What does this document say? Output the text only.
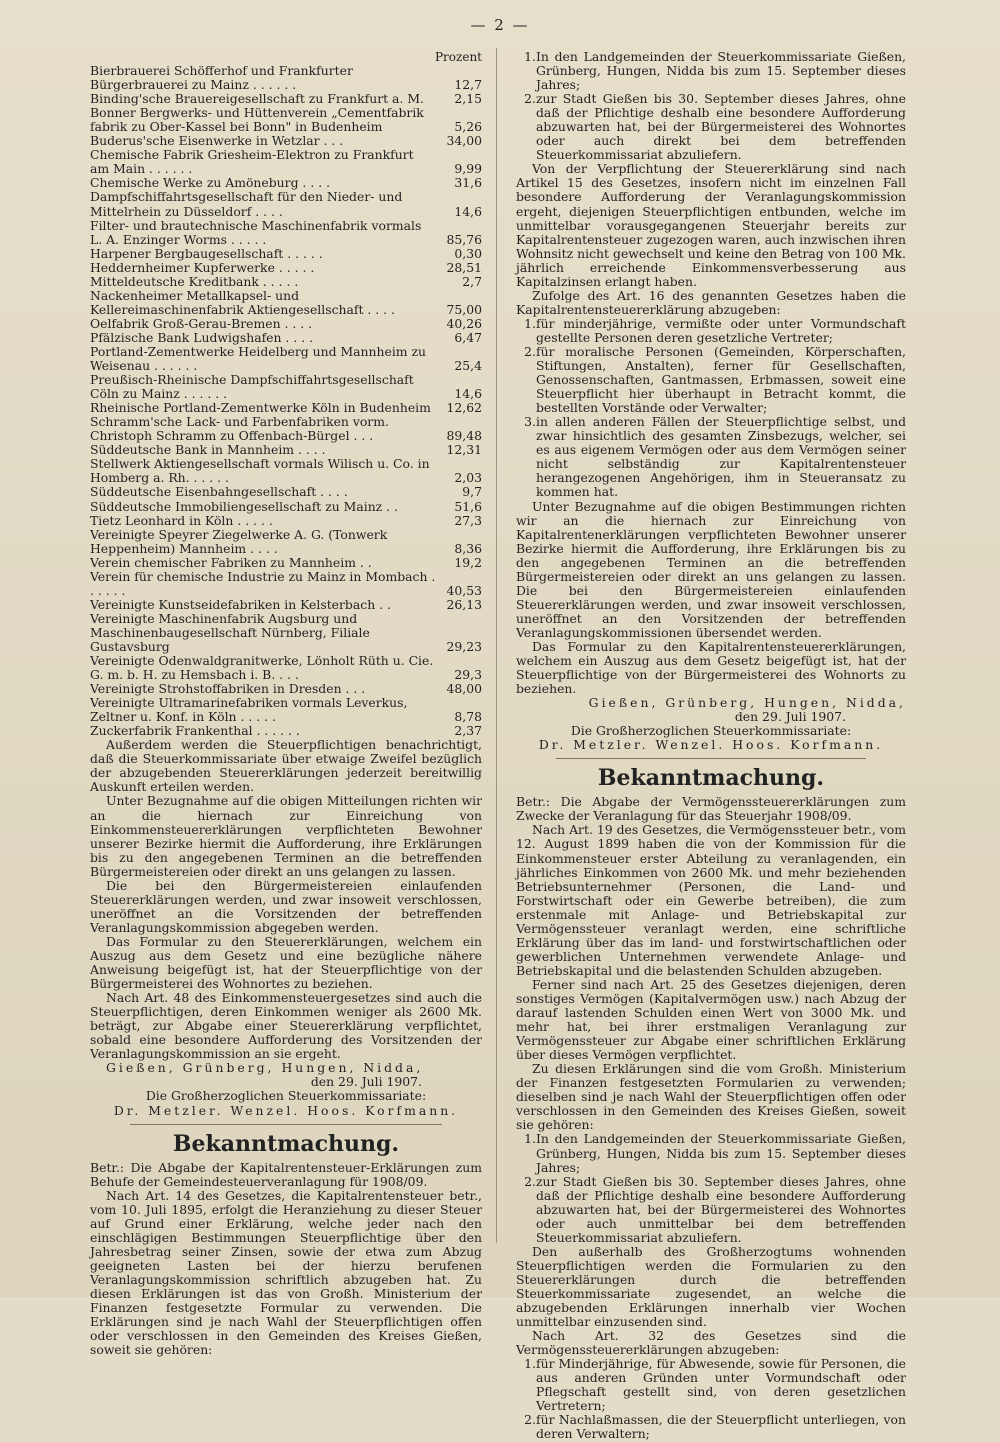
— 2 —
Prozent
Bierbrauerei Schöfferhof und Frankfurter Bürgerbrauerei zu Mainz . . . . . .	12,7
Binding'sche Brauereigesellschaft zu Frankfurt a. M.	2,15
Bonner Bergwerks- und Hüttenverein „Cementfabrik fabrik zu Ober-Kassel bei Bonn" in Budenheim	5,26
Buderus'sche Eisenwerke in Wetzlar . . .	34,00
Chemische Fabrik Griesheim-Elektron zu Frankfurt am Main . . . . . .	9,99
Chemische Werke zu Amöneburg . . . .	31,6
Dampfschiffahrtsgesellschaft für den Nieder- und Mittelrhein zu Düsseldorf . . . .	14,6
Filter- und brautechnische Maschinenfabrik vormals L. A. Enzinger Worms . . . . .	85,76
Harpener Bergbaugesellschaft . . . . .	0,30
Heddernheimer Kupferwerke . . . . .	28,51
Mitteldeutsche Kreditbank . . . . .	2,7
Nackenheimer Metallkapsel- und Kellereimaschinenfabrik Aktiengesellschaft . . . .	75,00
Oelfabrik Groß-Gerau-Bremen . . . .	40,26
Pfälzische Bank Ludwigshafen . . . .	6,47
Portland-Zementwerke Heidelberg und Mannheim zu Weisenau . . . . . .	25,4
Preußisch-Rheinische Dampfschiffahrtsgesellschaft Cöln zu Mainz . . . . . .	14,6
Rheinische Portland-Zementwerke Köln in Budenheim	12,62
Schramm'sche Lack- und Farbenfabriken vorm. Christoph Schramm zu Offenbach-Bürgel . . .	89,48
Süddeutsche Bank in Mannheim . . . .	12,31
Stellwerk Aktiengesellschaft vormals Wilisch u. Co. in Homberg a. Rh. . . . . .	2,03
Süddeutsche Eisenbahngesellschaft . . . .	9,7
Süddeutsche Immobiliengesellschaft zu Mainz . .	51,6
Tietz Leonhard in Köln . . . . .	27,3
Vereinigte Speyrer Ziegelwerke A. G. (Tonwerk Heppenheim) Mannheim . . . .	8,36
Verein chemischer Fabriken zu Mannheim . .	19,2
Verein für chemische Industrie zu Mainz in Mombach . . . . . .	40,53
Vereinigte Kunstseidefabriken in Kelsterbach . .	26,13
Vereinigte Maschinenfabrik Augsburg und Maschinenbaugesellschaft Nürnberg, Filiale Gustavsburg	29,23
Vereinigte Odenwaldgranitwerke, Lönholt Rüth u. Cie. G. m. b. H. zu Hemsbach i. B. . . .	29,3
Vereinigte Strohstoffabriken in Dresden . . .	48,00
Vereinigte Ultramarinefabriken vormals Leverkus, Zeltner u. Konf. in Köln . . . . .	8,78
Zuckerfabrik Frankenthal . . . . . .	2,37

Außerdem werden die Steuerpflichtigen benachrichtigt, daß die Steuerkommissariate über etwaige Zweifel bezüglich der abzugebenden Steuererklärungen jederzeit bereitwillig Auskunft erteilen werden.

Unter Bezugnahme auf die obigen Mitteilungen richten wir an die hiernach zur Einreichung von Einkommensteuererklärungen verpflichteten Bewohner unserer Bezirke hiermit die Aufforderung, ihre Erklärungen bis zu den angegebenen Terminen an die betreffenden Bürgermeistereien oder direkt an uns gelangen zu lassen.

Die bei den Bürgermeistereien einlaufenden Steuererklärungen werden, und zwar insoweit verschlossen, uneröffnet an die Vorsitzenden der betreffenden Veranlagungskommission abgegeben werden.

Das Formular zu den Steuererklärungen, welchem ein Auszug aus dem Gesetz und eine bezügliche nähere Anweisung beigefügt ist, hat der Steuerpflichtige von der Bürgermeisterei des Wohnortes zu beziehen.

Nach Art. 48 des Einkommensteuergesetzes sind auch die Steuerpflichtigen, deren Einkommen weniger als 2600 Mk. beträgt, zur Abgabe einer Steuererklärung verpflichtet, sobald eine besondere Aufforderung des Vorsitzenden der Veranlagungskommission an sie ergeht.

Gießen, Grünberg, Hungen, Nidda,
den 29. Juli 1907.
Die Großherzoglichen Steuerkommissariate:
Dr. Metzler. Wenzel. Hoos. Korfmann.
Bekanntmachung.

Betr.: Die Abgabe der Kapitalrentensteuer-Erklärungen zum Behufe der Gemeindesteuerveranlagung für 1908/09.

Nach Art. 14 des Gesetzes, die Kapitalrentensteuer betr., vom 10. Juli 1895, erfolgt die Heranziehung zu dieser Steuer auf Grund einer Erklärung, welche jeder nach den einschlägigen Bestimmungen Steuerpflichtige über den Jahresbetrag seiner Zinsen, sowie der etwa zum Abzug geeigneten Lasten bei der hierzu berufenen Veranlagungskommission schriftlich abzugeben hat. Zu diesen Erklärungen ist das von Großh. Ministerium der Finanzen festgesetzte Formular zu verwenden. Die Erklärungen sind je nach Wahl der Steuerpflichtigen offen oder verschlossen in den Gemeinden des Kreises Gießen, soweit sie gehören:

1. In den Landgemeinden der Steuerkommissariate Gießen, Grünberg, Hungen, Nidda bis zum 15. September dieses Jahres;
2. zur Stadt Gießen bis 30. September dieses Jahres, ohne daß der Pflichtige deshalb eine besondere Aufforderung abzuwarten hat, bei der Bürgermeisterei des Wohnortes oder auch direkt bei dem betreffenden Steuerkommissariat abzuliefern.

Von der Verpflichtung der Steuererklärung sind nach Artikel 15 des Gesetzes, insofern nicht im einzelnen Fall besondere Aufforderung der Veranlagungskommission ergeht, diejenigen Steuerpflichtigen entbunden, welche im unmittelbar vorausgegangenen Steuerjahr bereits zur Kapitalrentensteuer zugezogen waren, auch inzwischen ihren Wohnsitz nicht gewechselt und keine den Betrag von 100 Mk. jährlich erreichende Einkommensverbesserung aus Kapitalzinsen erlangt haben.

Zufolge des Art. 16 des genannten Gesetzes haben die Kapitalrentensteuererklärung abzugeben:

1. für minderjährige, vermißte oder unter Vormundschaft gestellte Personen deren gesetzliche Vertreter;
2. für moralische Personen (Gemeinden, Körperschaften, Stiftungen, Anstalten), ferner für Gesellschaften, Genossenschaften, Gantmassen, Erbmassen, soweit eine Steuerpflicht hier überhaupt in Betracht kommt, die bestellten Vorstände oder Verwalter;
3. in allen anderen Fällen der Steuerpflichtige selbst, und zwar hinsichtlich des gesamten Zinsbezugs, welcher, sei es aus eigenem Vermögen oder aus dem Vermögen seiner nicht selbständig zur Kapitalrentensteuer herangezogenen Angehörigen, ihm in Steueransatz zu kommen hat.

Unter Bezugnahme auf die obigen Bestimmungen richten wir an die hiernach zur Einreichung von Kapitalrentenerklärungen verpflichteten Bewohner unserer Bezirke hiermit die Aufforderung, ihre Erklärungen bis zu den angegebenen Terminen an die betreffenden Bürgermeistereien oder direkt an uns gelangen zu lassen. Die bei den Bürgermeistereien einlaufenden Steuererklärungen werden, und zwar insoweit verschlossen, uneröffnet an den Vorsitzenden der betreffenden Veranlagungskommissionen übersendet werden.

Das Formular zu den Kapitalrentensteuererklärungen, welchem ein Auszug aus dem Gesetz beigefügt ist, hat der Steuerpflichtige von der Bürgermeisterei des Wohnorts zu beziehen.

Gießen, Grünberg, Hungen, Nidda,
den 29. Juli 1907.
Die Großherzoglichen Steuerkommissariate:
Dr. Metzler. Wenzel. Hoos. Korfmann.
Bekanntmachung.

Betr.: Die Abgabe der Vermögenssteuererklärungen zum Zwecke der Veranlagung für das Steuerjahr 1908/09.

Nach Art. 19 des Gesetzes, die Vermögenssteuer betr., vom 12. August 1899 haben die von der Kommission für die Einkommensteuer erster Abteilung zu veranlagenden, ein jährliches Einkommen von 2600 Mk. und mehr beziehenden Betriebsunternehmer (Personen, die Land- und Forstwirtschaft oder ein Gewerbe betreiben), die zum erstenmale mit Anlage- und Betriebskapital zur Vermögenssteuer veranlagt werden, eine schriftliche Erklärung über das im land- und forstwirtschaftlichen oder gewerblichen Unternehmen verwendete Anlage- und Betriebskapital und die belastenden Schulden abzugeben.

Ferner sind nach Art. 25 des Gesetzes diejenigen, deren sonstiges Vermögen (Kapitalvermögen usw.) nach Abzug der darauf lastenden Schulden einen Wert von 3000 Mk. und mehr hat, bei ihrer erstmaligen Veranlagung zur Vermögenssteuer zur Abgabe einer schriftlichen Erklärung über dieses Vermögen verpflichtet.

Zu diesen Erklärungen sind die vom Großh. Ministerium der Finanzen festgesetzten Formularien zu verwenden; dieselben sind je nach Wahl der Steuerpflichtigen offen oder verschlossen in den Gemeinden des Kreises Gießen, soweit sie gehören:

1. In den Landgemeinden der Steuerkommissariate Gießen, Grünberg, Hungen, Nidda bis zum 15. September dieses Jahres;
2. zur Stadt Gießen bis 30. September dieses Jahres, ohne daß der Pflichtige deshalb eine besondere Aufforderung abzuwarten hat, bei der Bürgermeisterei des Wohnortes oder auch unmittelbar bei dem betreffenden Steuerkommissariat abzuliefern.

Den außerhalb des Großherzogtums wohnenden Steuerpflichtigen werden die Formularien zu den Steuererklärungen durch die betreffenden Steuerkommissariate zugesendet, an welche die abzugebenden Erklärungen innerhalb vier Wochen unmittelbar einzusenden sind.

Nach Art. 32 des Gesetzes sind die Vermögenssteuererklärungen abzugeben:

1. für Minderjährige, für Abwesende, sowie für Personen, die aus anderen Gründen unter Vormundschaft oder Pflegschaft gestellt sind, von deren gesetzlichen Vertretern;
2. für Nachlaßmassen, die der Steuerpflicht unterliegen, von deren Verwaltern;
